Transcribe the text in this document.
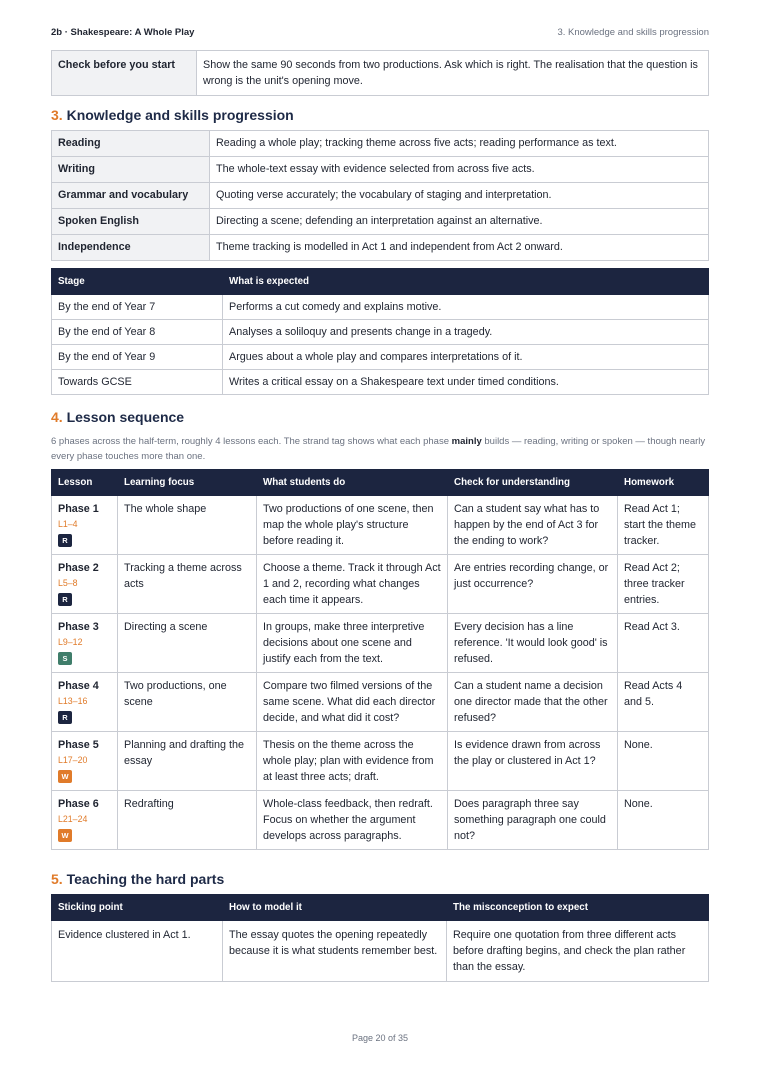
2b · Shakespeare: A Whole Play	3. Knowledge and skills progression
Check before you start	Show the same 90 seconds from two productions. Ask which is right. The realisation that the question is wrong is the unit's opening move.
3. Knowledge and skills progression
Reading	Reading a whole play; tracking theme across five acts; reading performance as text.
Writing	The whole-text essay with evidence selected from across five acts.
Grammar and vocabulary	Quoting verse accurately; the vocabulary of staging and interpretation.
Spoken English	Directing a scene; defending an interpretation against an alternative.
Independence	Theme tracking is modelled in Act 1 and independent from Act 2 onward.
Stage	What is expected
By the end of Year 7	Performs a cut comedy and explains motive.
By the end of Year 8	Analyses a soliloquy and presents change in a tragedy.
By the end of Year 9	Argues about a whole play and compares interpretations of it.
Towards GCSE	Writes a critical essay on a Shakespeare text under timed conditions.
4. Lesson sequence
6 phases across the half-term, roughly 4 lessons each. The strand tag shows what each phase mainly builds — reading, writing or spoken — though nearly every phase touches more than one.
Lesson	Learning focus	What students do	Check for understanding	Homework

Phase 1
L1–4
R	The whole shape	Two productions of one scene, then map the whole play's structure before reading it.	Can a student say what has to happen by the end of Act 3 for the ending to work?	Read Act 1; start the theme tracker.

Phase 2
L5–8
R	Tracking a theme across acts	Choose a theme. Track it through Act 1 and 2, recording what changes each time it appears.	Are entries recording change, or just occurrence?	Read Act 2; three tracker entries.

Phase 3
L9–12
S	Directing a scene	In groups, make three interpretive decisions about one scene and justify each from the text.	Every decision has a line reference. 'It would look good' is refused.	Read Act 3.

Phase 4
L13–16
R	Two productions, one scene	Compare two filmed versions of the same scene. What did each director decide, and what did it cost?	Can a student name a decision one director made that the other refused?	Read Acts 4 and 5.

Phase 5
L17–20
W	Planning and drafting the essay	Thesis on the theme across the whole play; plan with evidence from at least three acts; draft.	Is evidence drawn from across the play or clustered in Act 1?	None.

Phase 6
L21–24
W	Redrafting	Whole-class feedback, then redraft. Focus on whether the argument develops across paragraphs.	Does paragraph three say something paragraph one could not?	None.
5. Teaching the hard parts
Sticking point	How to model it	The misconception to expect
Evidence clustered in Act 1.	The essay quotes the opening repeatedly because it is what students remember best.	Require one quotation from three different acts before drafting begins, and check the plan rather than the essay.
Page 20 of 35
